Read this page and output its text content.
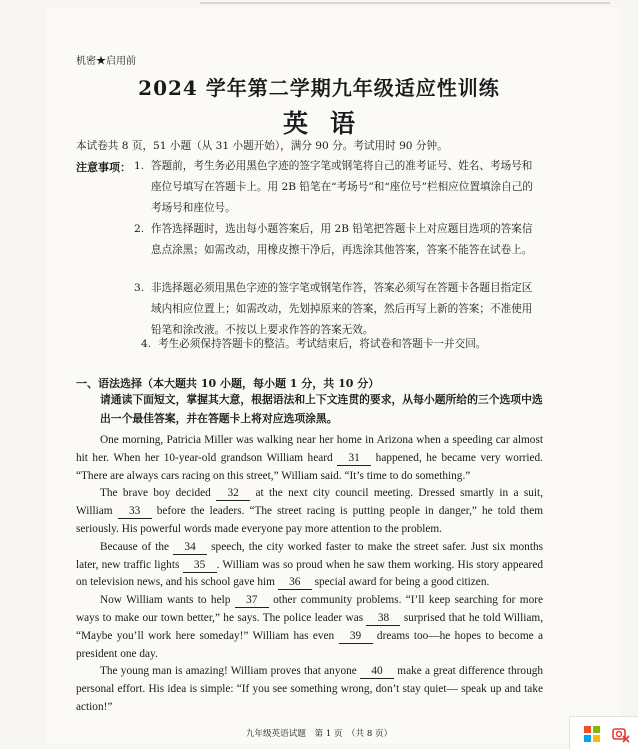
机密★启用前
2024 学年第二学期九年级适应性训练
英语
本试卷共 8 页，51 小题（从 31 小题开始），满分 90 分。考试用时 90 分钟。
注意事项： 1. 答题前，考生务必用黑色字迹的签字笔或钢笔将自己的准考证号、姓名、考场号和座位号填写在答题卡上。用 2B 铅笔在“考场号”和“座位号”栏相应位置填涂自己的考场号和座位号。
2. 作答选择题时，选出每小题答案后，用 2B 铅笔把答题卡上对应题目选项的答案信息点涂黑；如需改动，用橡皮擦干净后，再选涂其他答案，答案不能答在试卷上。
3. 非选择题必须用黑色字迹的签字笔或钢笔作答，答案必须写在答题卡各题目指定区域内相应位置上；如需改动，先划掉原来的答案，然后再写上新的答案；不准使用铅笔和涂改液。不按以上要求作答的答案无效。
4. 考生必须保持答题卡的整洁。考试结束后，将试卷和答题卡一并交回。
一、语法选择（本大题共 10 小题，每小题 1 分，共 10 分）
请通读下面短文，掌握其大意，根据语法和上下文连贯的要求，从每小题所给的三个选项中选出一个最佳答案，并在答题卡上将对应选项涂黑。

One morning, Patricia Miller was walking near her home in Arizona when a speeding car almost hit her. When her 10-year-old grandson William heard 31 happened, he became very worried. “There are always cars racing on this street,” William said. “It’s time to do something.”

The brave boy decided 32 at the next city council meeting. Dressed smartly in a suit, William 33 before the leaders. “The street racing is putting people in danger,” he told them seriously. His powerful words made everyone pay more attention to the problem.

Because of the 34 speech, the city worked faster to make the street safer. Just six months later, new traffic lights 35 . William was so proud when he saw them working. His story appeared on television news, and his school gave him 36 special award for being a good citizen.

Now William wants to help 37 other community problems. “I’ll keep searching for more ways to make our town better,” he says. The police leader was 38 surprised that he told William, “Maybe you’ll work here someday!” William has even 39 dreams too—he hopes to become a president one day.

The young man is amazing! William proves that anyone 40 make a great difference through personal effort. His idea is simple: “If you see something wrong, don’t stay quiet— speak up and take action!”

九年级英语试题　第 1 页　（共 8 页）
